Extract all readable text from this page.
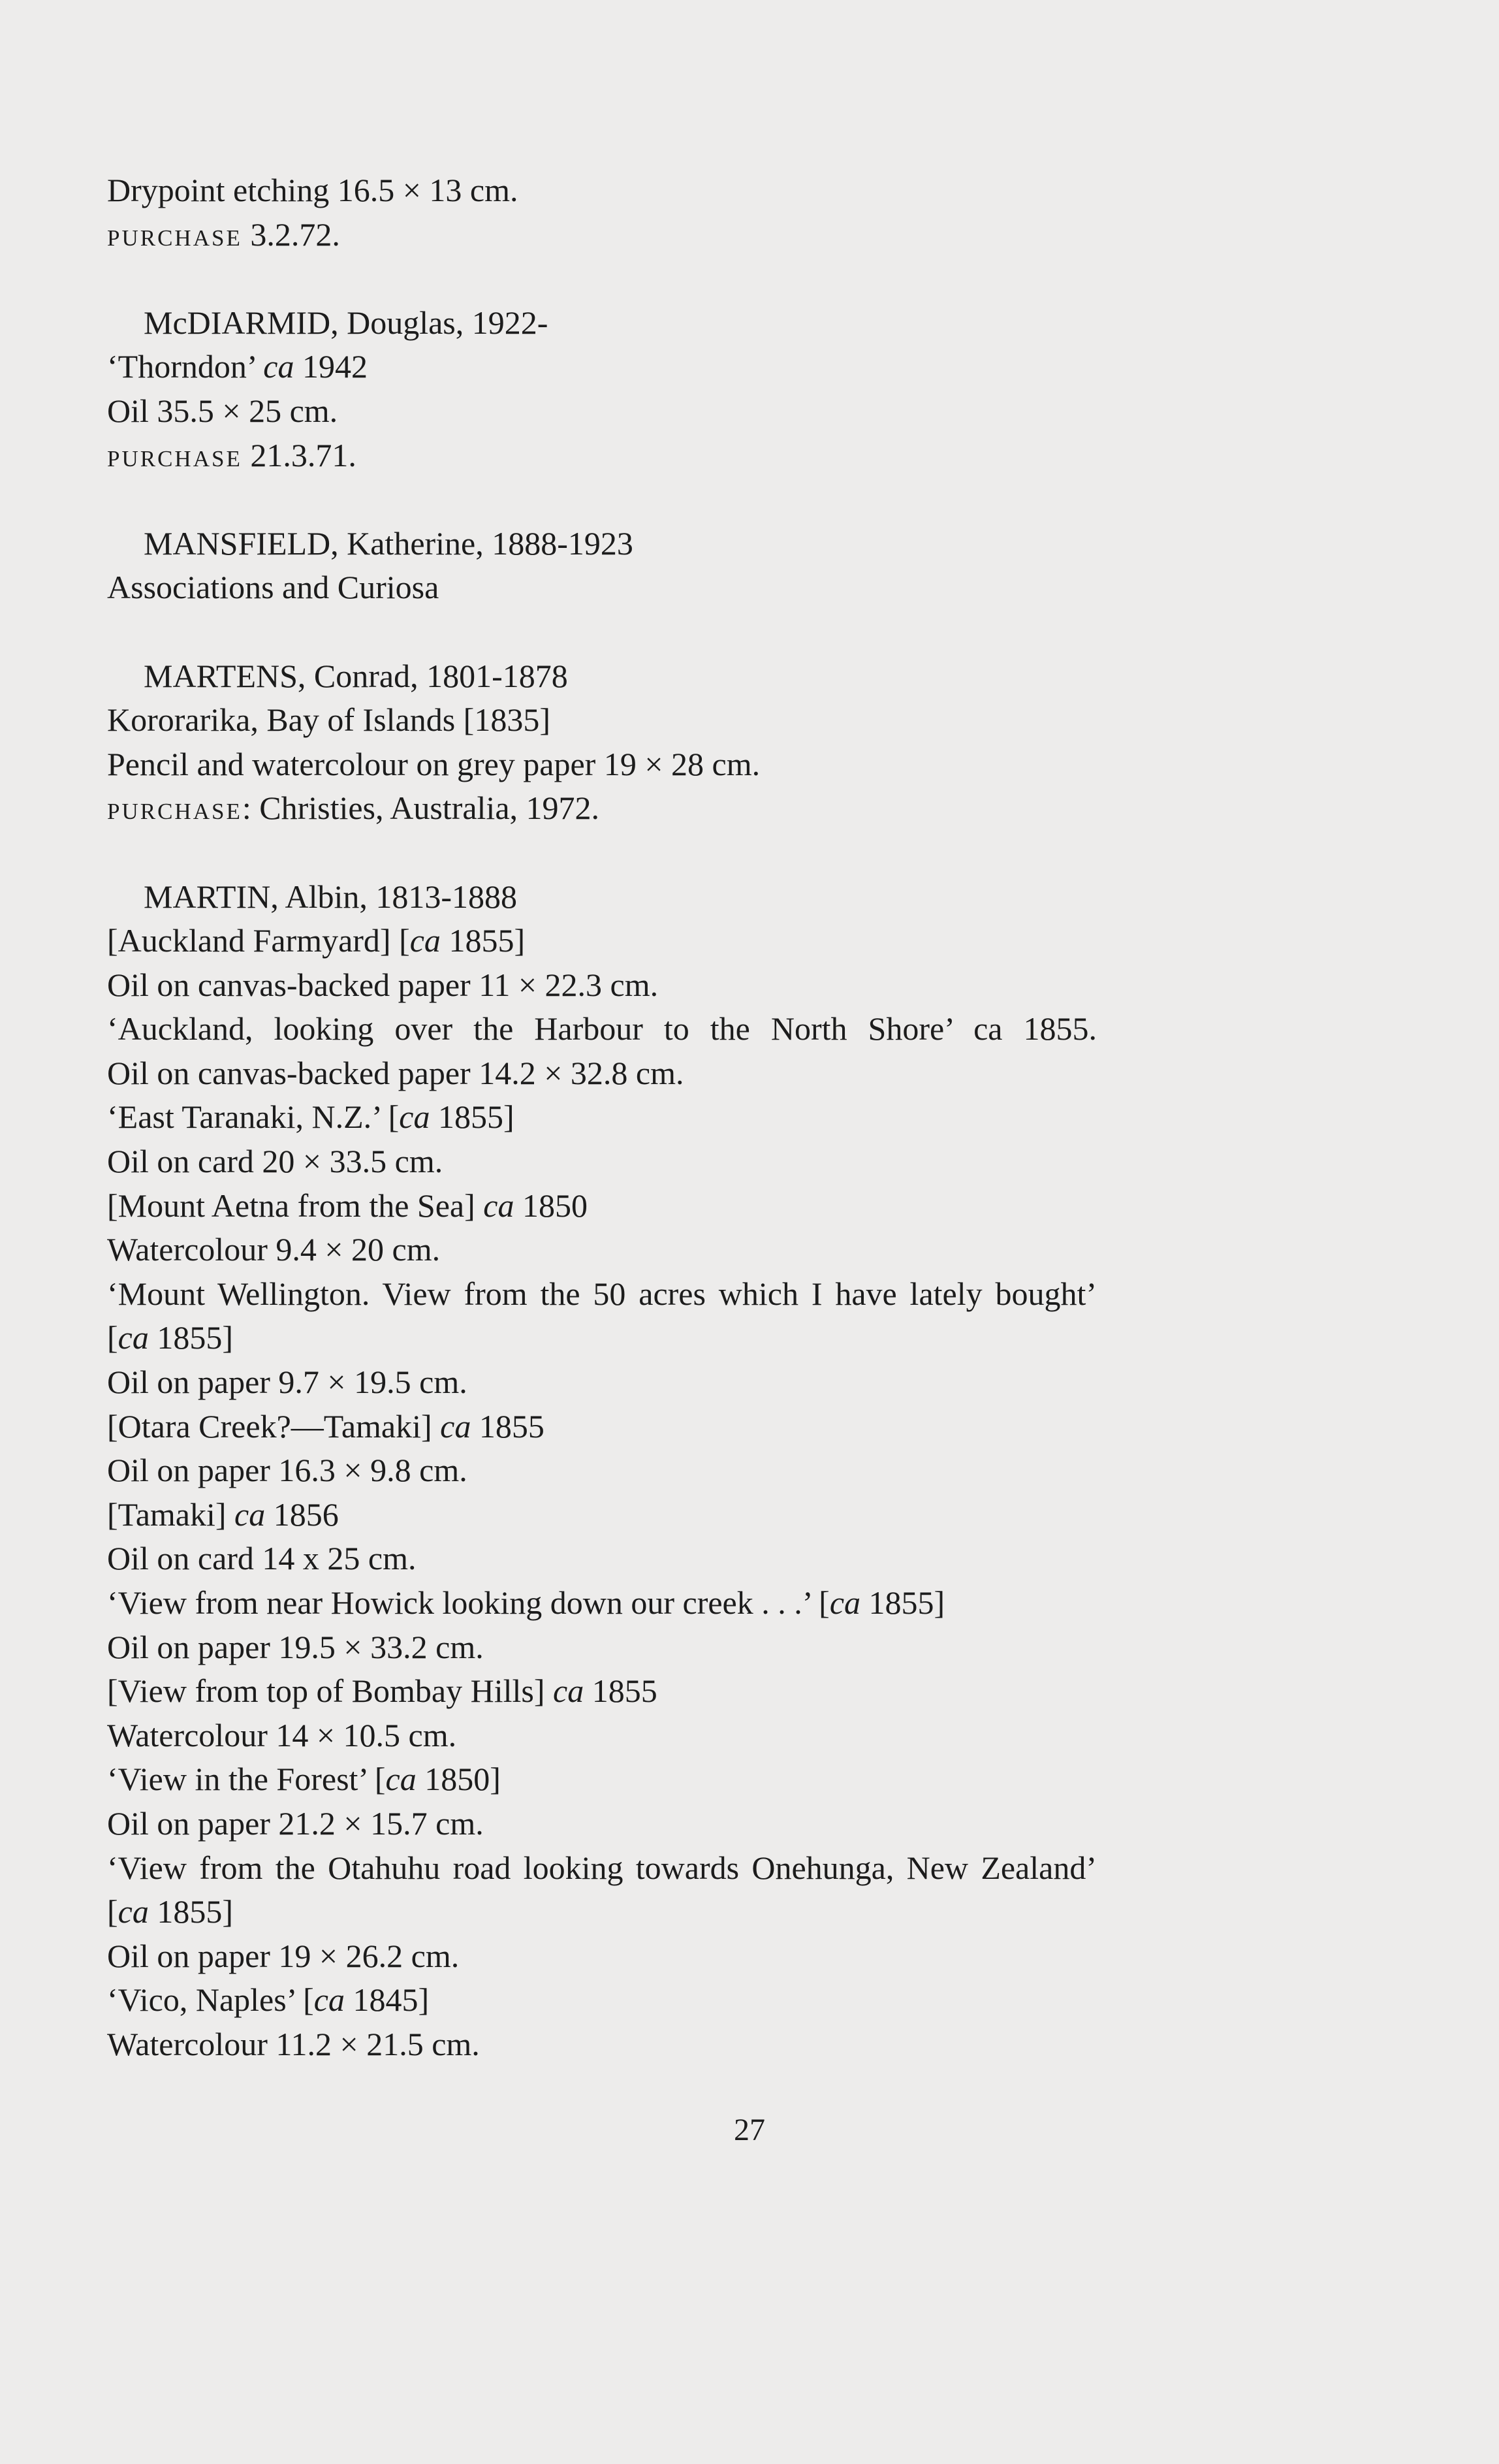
Drypoint etching 16.5 × 13 cm.
purchase 3.2.72.
McDIARMID, Douglas, 1922-
‘Thorndon’ ca 1942
Oil 35.5 × 25 cm.
purchase 21.3.71.
MANSFIELD, Katherine, 1888-1923
Associations and Curiosa
MARTENS, Conrad, 1801-1878
Kororarika, Bay of Islands [1835]
Pencil and watercolour on grey paper 19 × 28 cm.
purchase: Christies, Australia, 1972.
MARTIN, Albin, 1813-1888
[Auckland Farmyard] [ca 1855]
Oil on canvas-backed paper 11 × 22.3 cm.
‘Auckland, looking over the Harbour to the North Shore’ ca 1855.
Oil on canvas-backed paper 14.2 × 32.8 cm.
‘East Taranaki, N.Z.’ [ca 1855]
Oil on card 20 × 33.5 cm.
[Mount Aetna from the Sea] ca 1850
Watercolour 9.4 × 20 cm.
‘Mount Wellington. View from the 50 acres which I have lately bought’
[ca 1855]
Oil on paper 9.7 × 19.5 cm.
[Otara Creek?—Tamaki] ca 1855
Oil on paper 16.3 × 9.8 cm.
[Tamaki] ca 1856
Oil on card 14 x 25 cm.
‘View from near Howick looking down our creek . . .’ [ca 1855]
Oil on paper 19.5 × 33.2 cm.
[View from top of Bombay Hills] ca 1855
Watercolour 14 × 10.5 cm.
‘View in the Forest’ [ca 1850]
Oil on paper 21.2 × 15.7 cm.
‘View from the Otahuhu road looking towards Onehunga, New Zealand’
[ca 1855]
Oil on paper 19 × 26.2 cm.
‘Vico, Naples’ [ca 1845]
Watercolour 11.2 × 21.5 cm.
27
